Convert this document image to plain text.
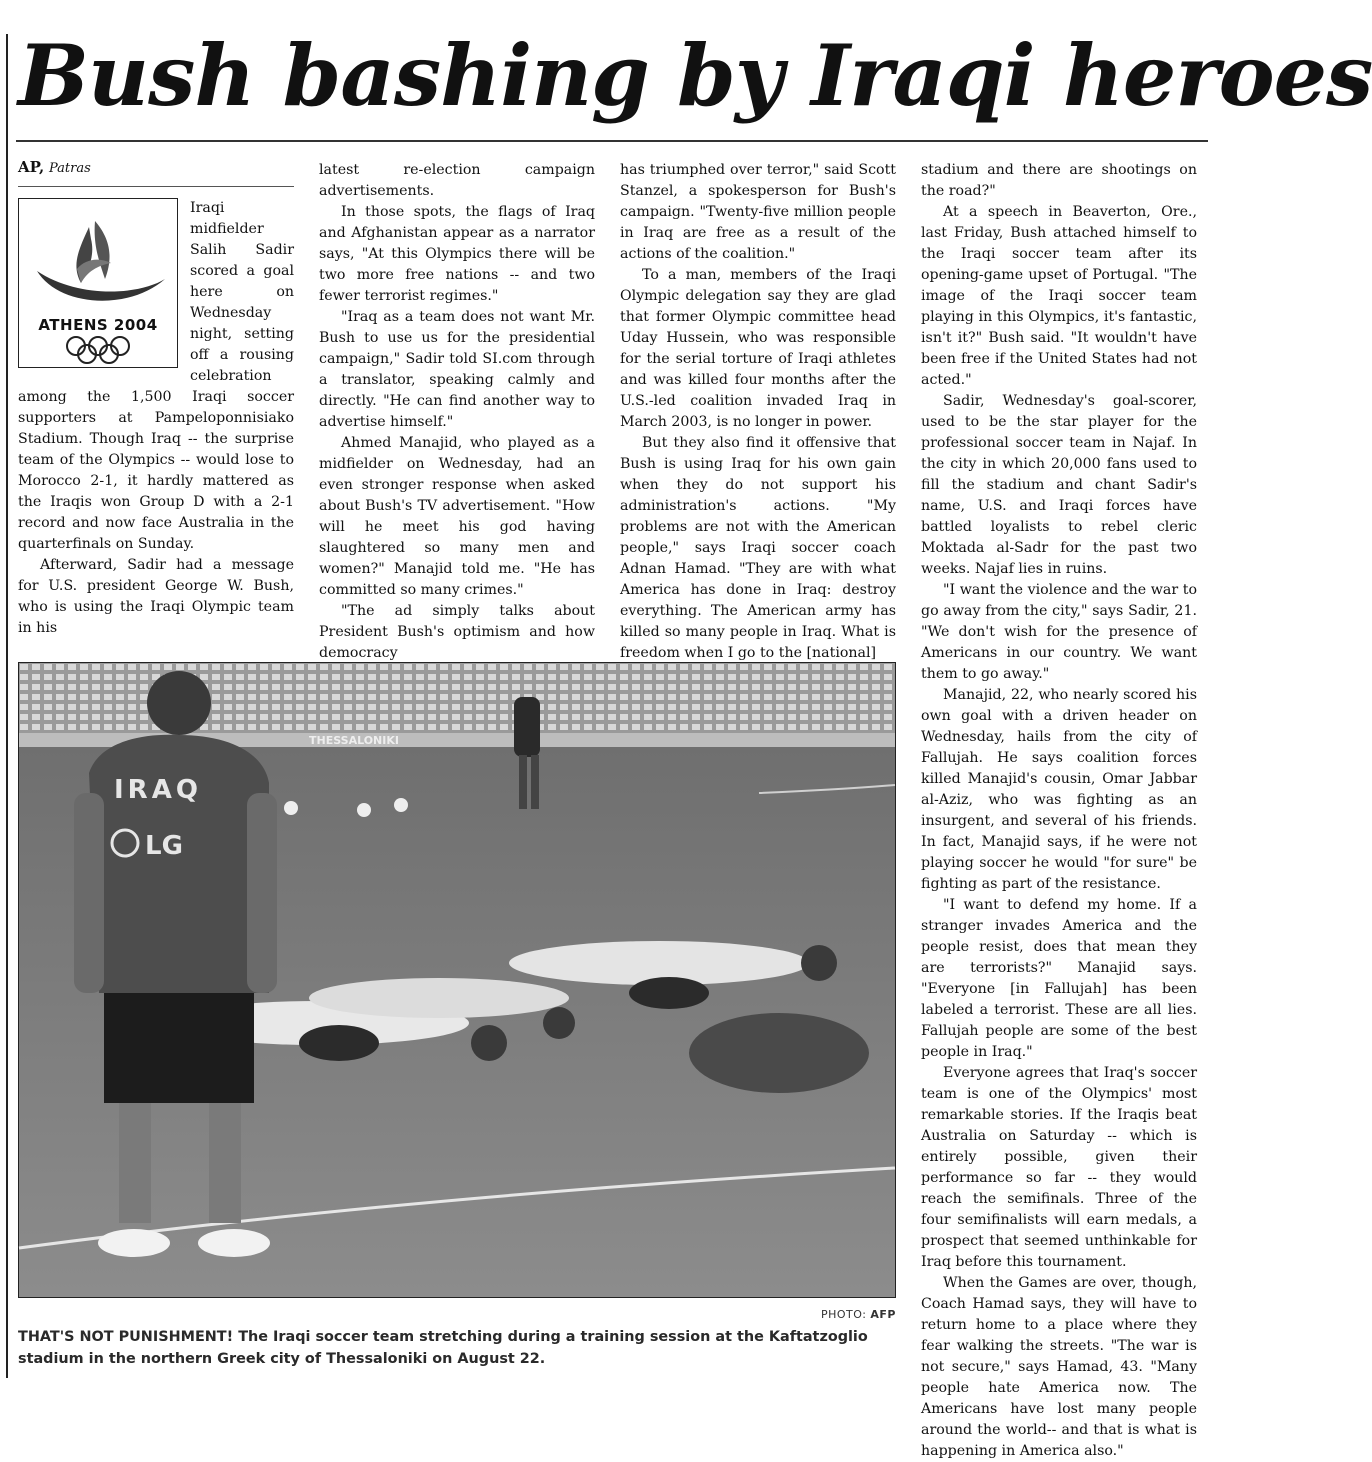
Bush bashing by Iraqi heroes
AP, Patras
ATHENS 2004

Iraqi midfielder Salih Sadir scored a goal here on Wednesday night, setting off a rousing celebration among the 1,500 Iraqi soccer supporters at Pampeloponnisiako Stadium. Though Iraq -- the surprise team of the Olympics -- would lose to Morocco 2-1, it hardly mattered as the Iraqis won Group D with a 2-1 record and now face Australia in the quarterfinals on Sunday.

Afterward, Sadir had a message for U.S. president George W. Bush, who is using the Iraqi Olympic team in his

latest re-election campaign advertisements.

In those spots, the flags of Iraq and Afghanistan appear as a narrator says, "At this Olympics there will be two more free nations -- and two fewer terrorist regimes."

"Iraq as a team does not want Mr. Bush to use us for the presidential campaign," Sadir told SI.com through a translator, speaking calmly and directly. "He can find another way to advertise himself."

Ahmed Manajid, who played as a midfielder on Wednesday, had an even stronger response when asked about Bush's TV advertisement. "How will he meet his god having slaughtered so many men and women?" Manajid told me. "He has committed so many crimes."

"The ad simply talks about President Bush's optimism and how democracy

has triumphed over terror," said Scott Stanzel, a spokesperson for Bush's campaign. "Twenty-five million people in Iraq are free as a result of the actions of the coalition."

To a man, members of the Iraqi Olympic delegation say they are glad that former Olympic committee head Uday Hussein, who was responsible for the serial torture of Iraqi athletes and was killed four months after the U.S.-led coalition invaded Iraq in March 2003, is no longer in power.

But they also find it offensive that Bush is using Iraq for his own gain when they do not support his administration's actions. "My problems are not with the American people," says Iraqi soccer coach Adnan Hamad. "They are with what America has done in Iraq: destroy everything. The American army has killed so many people in Iraq. What is freedom when I go to the [national]

stadium and there are shootings on the road?"

At a speech in Beaverton, Ore., last Friday, Bush attached himself to the Iraqi soccer team after its opening-game upset of Portugal. "The image of the Iraqi soccer team playing in this Olympics, it's fantastic, isn't it?" Bush said. "It wouldn't have been free if the United States had not acted."

Sadir, Wednesday's goal-scorer, used to be the star player for the professional soccer team in Najaf. In the city in which 20,000 fans used to fill the stadium and chant Sadir's name, U.S. and Iraqi forces have battled loyalists to rebel cleric Moktada al-Sadr for the past two weeks. Najaf lies in ruins.

"I want the violence and the war to go away from the city," says Sadir, 21. "We don't wish for the presence of Americans in our country. We want them to go away."

Manajid, 22, who nearly scored his own goal with a driven header on Wednesday, hails from the city of Fallujah. He says coalition forces killed Manajid's cousin, Omar Jabbar al-Aziz, who was fighting as an insurgent, and several of his friends. In fact, Manajid says, if he were not playing soccer he would "for sure" be fighting as part of the resistance.

"I want to defend my home. If a stranger invades America and the people resist, does that mean they are terrorists?" Manajid says. "Everyone [in Fallujah] has been labeled a terrorist. These are all lies. Fallujah people are some of the best people in Iraq."

Everyone agrees that Iraq's soccer team is one of the Olympics' most remarkable stories. If the Iraqis beat Australia on Saturday -- which is entirely possible, given their performance so far -- they would reach the semifinals. Three of the four semifinalists will earn medals, a prospect that seemed unthinkable for Iraq before this tournament.

When the Games are over, though, Coach Hamad says, they will have to return home to a place where they fear walking the streets. "The war is not secure," says Hamad, 43. "Many people hate America now. The Americans have lost many people around the world-- and that is what is happening in America also."

THESSALONIKI
IRAQ
LG
PHOTO: AFP
THAT'S NOT PUNISHMENT! The Iraqi soccer team stretching during a training session at the Kaftatzoglio stadium in the northern Greek city of Thessaloniki on August 22.
